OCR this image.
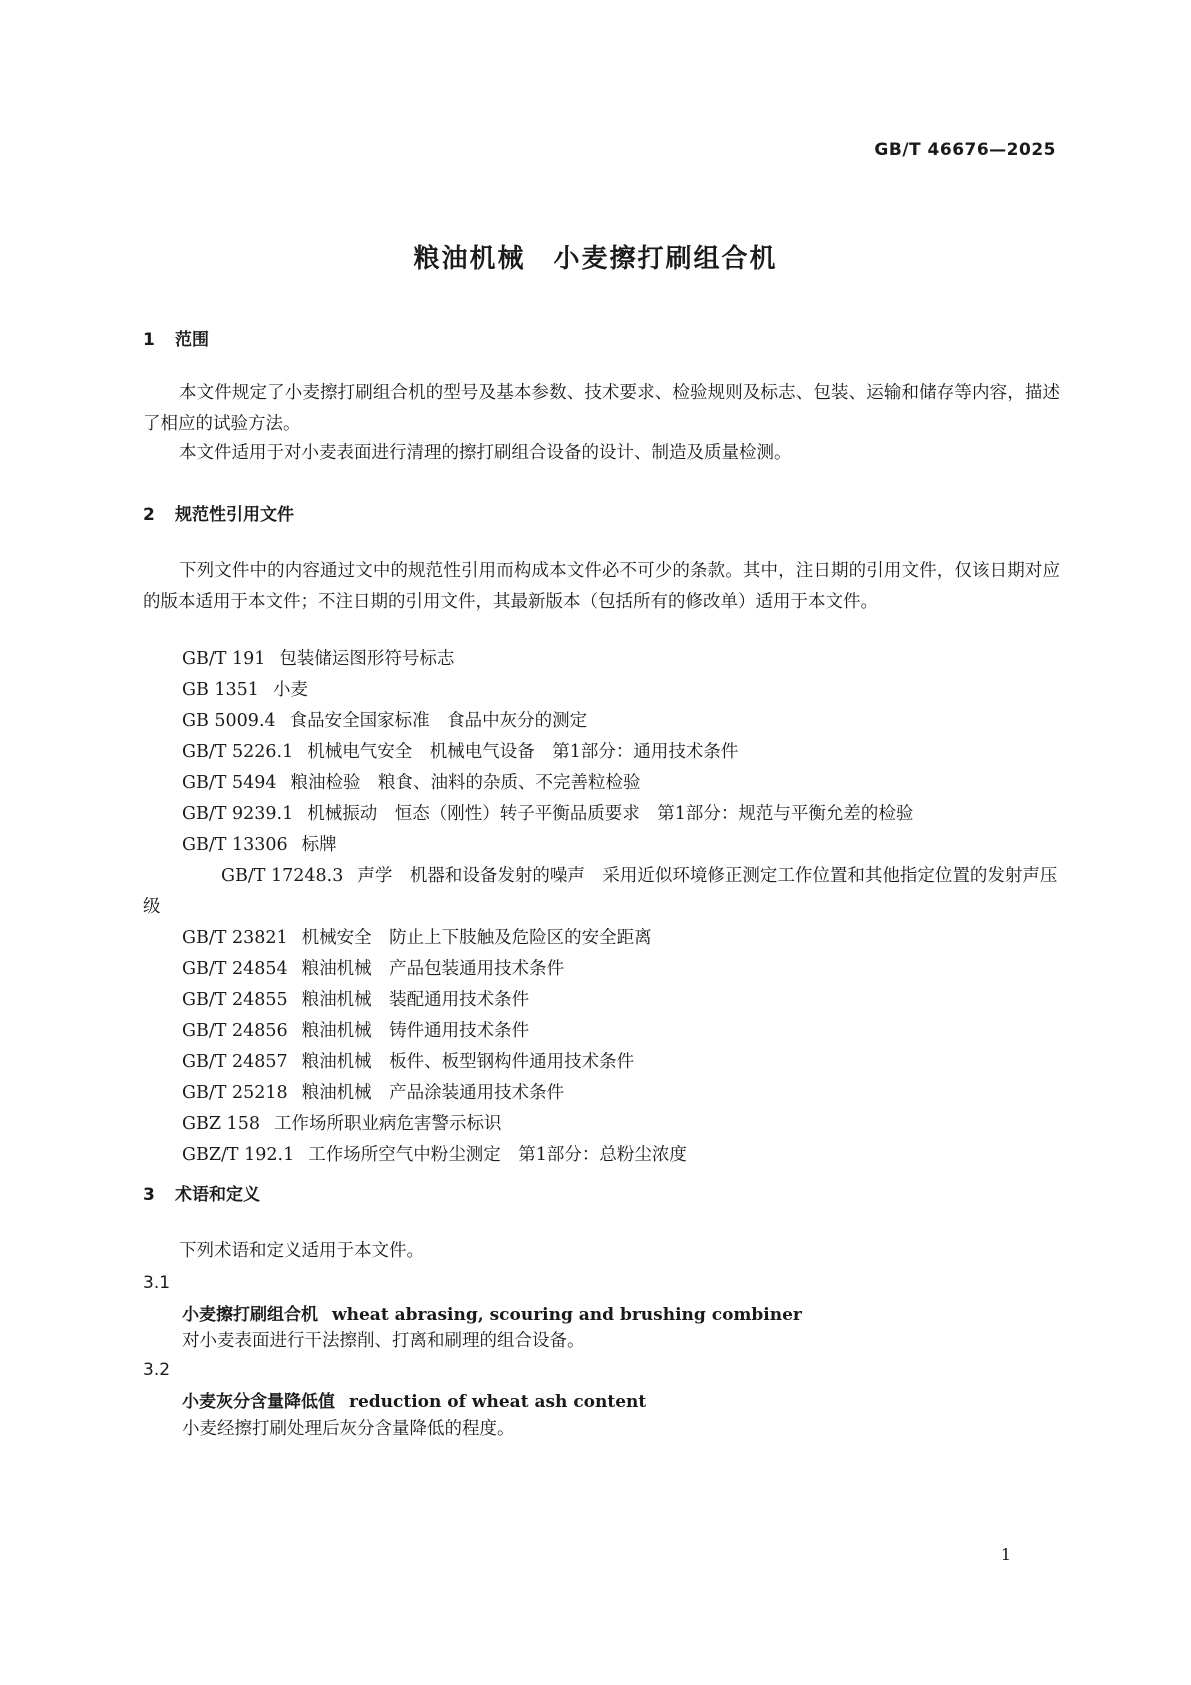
GB/T 46676—2025
粮油机械　小麦擦打刷组合机
1 范围
本文件规定了小麦擦打刷组合机的型号及基本参数、技术要求、检验规则及标志、包装、运输和储存等内容，描述了相应的试验方法。
本文件适用于对小麦表面进行清理的擦打刷组合设备的设计、制造及质量检测。
2 规范性引用文件
下列文件中的内容通过文中的规范性引用而构成本文件必不可少的条款。其中，注日期的引用文件，仅该日期对应的版本适用于本文件；不注日期的引用文件，其最新版本（包括所有的修改单）适用于本文件。
GB/T 191 包装储运图形符号标志
GB 1351 小麦
GB 5009.4 食品安全国家标准　食品中灰分的测定
GB/T 5226.1 机械电气安全　机械电气设备　第1部分：通用技术条件
GB/T 5494 粮油检验　粮食、油料的杂质、不完善粒检验
GB/T 9239.1 机械振动　恒态（刚性）转子平衡品质要求　第1部分：规范与平衡允差的检验
GB/T 13306 标牌
GB/T 17248.3 声学　机器和设备发射的噪声　采用近似环境修正测定工作位置和其他指定位置的发射声压级
GB/T 23821 机械安全　防止上下肢触及危险区的安全距离
GB/T 24854 粮油机械　产品包装通用技术条件
GB/T 24855 粮油机械　装配通用技术条件
GB/T 24856 粮油机械　铸件通用技术条件
GB/T 24857 粮油机械　板件、板型钢构件通用技术条件
GB/T 25218 粮油机械　产品涂装通用技术条件
GBZ 158 工作场所职业病危害警示标识
GBZ/T 192.1 工作场所空气中粉尘测定　第1部分：总粉尘浓度
3 术语和定义
下列术语和定义适用于本文件。
3.1
小麦擦打刷组合机 wheat abrasing, scouring and brushing combiner
对小麦表面进行干法擦削、打离和刷理的组合设备。
3.2
小麦灰分含量降低值 reduction of wheat ash content
小麦经擦打刷处理后灰分含量降低的程度。
1
